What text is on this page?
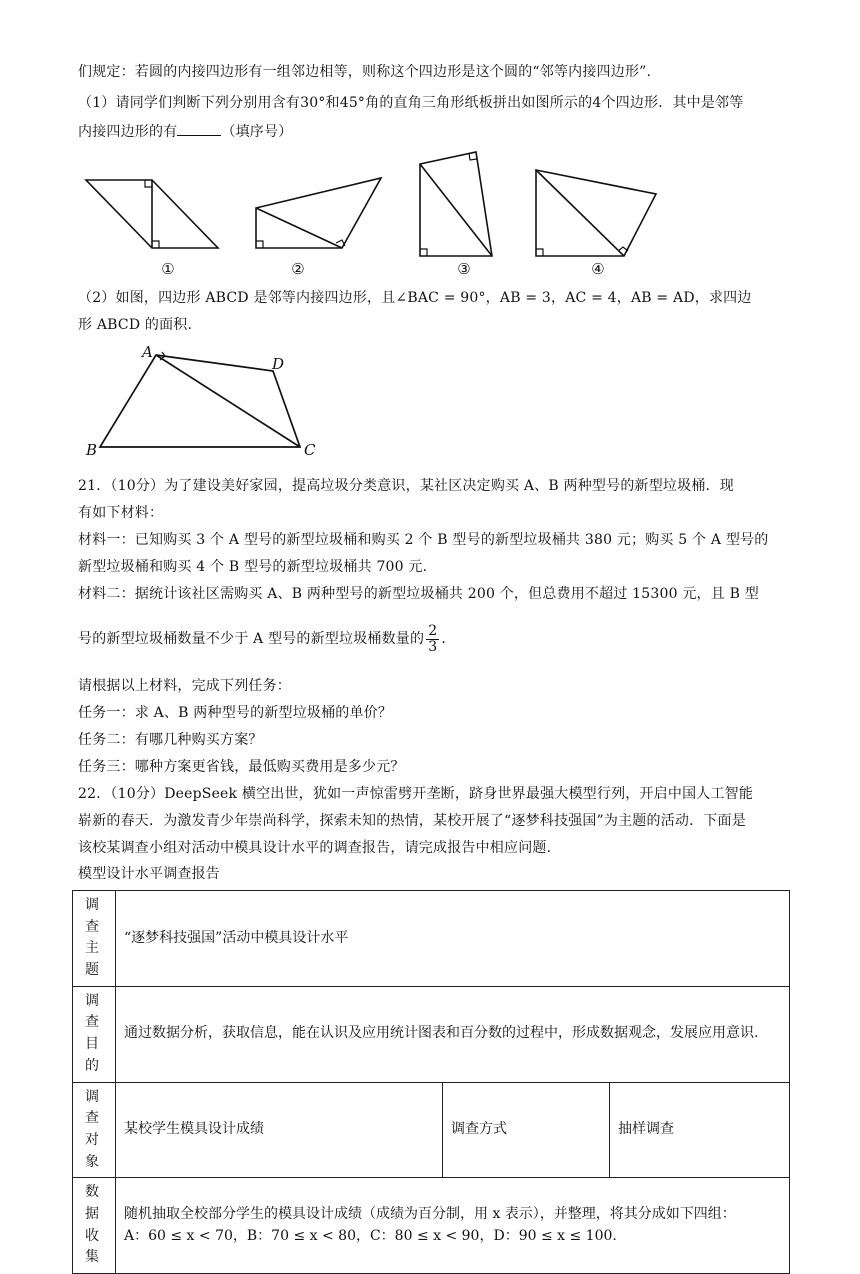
们规定：若圆的内接四边形有一组邻边相等，则称这个四边形是这个圆的“邻等内接四边形”.

（1）请同学们判断下列分别用含有30°和45°角的直角三角形纸板拼出如图所示的4个四边形．其中是邻等

内接四边形的有	（填序号）

①	②	③	④

（2）如图，四边形 ABCD 是邻等内接四边形，且∠BAC = 90°，AB = 3，AC = 4，AB = AD，求四边

形 ABCD 的面积.

A
B	C
D

21．（10分）为了建设美好家园，提高垃圾分类意识，某社区决定购买 A、B 两种型号的新型垃圾桶．现

有如下材料：

材料一：已知购买 3 个 A 型号的新型垃圾桶和购买 2 个 B 型号的新型垃圾桶共 380 元；购买 5 个 A 型号的

新型垃圾桶和购买 4 个 B 型号的新型垃圾桶共 700 元.

材料二：据统计该社区需购买 A、B 两种型号的新型垃圾桶共 200 个，但总费用不超过 15300 元，且 B 型

号的新型垃圾桶数量不少于 A 型号的新型垃圾桶数量的 $\frac{2}{3}$ .

请根据以上材料，完成下列任务：

任务一：求 A、B 两种型号的新型垃圾桶的单价？

任务二：有哪几种购买方案？

任务三：哪种方案更省钱，最低购买费用是多少元？

22．（10分）DeepSeek 横空出世，犹如一声惊雷劈开垄断，跻身世界最强大模型行列，开启中国人工智能

崭新的春天．为激发青少年崇尚科学，探索未知的热情，某校开展了“逐梦科技强国”为主题的活动．下面是

该校某调查小组对活动中模具设计水平的调查报告，请完成报告中相应问题.

模型设计水平调查报告

调查主题	“逐梦科技强国”活动中模具设计水平		
调查目的	通过数据分析，获取信息，能在认识及应用统计图表和百分数的过程中，形成数据观念，发展应用意识.		
调查对象	某校学生模具设计成绩	调查方式	抽样调查
数据收集	随机抽取全校部分学生的模具设计成绩（成绩为百分制，用 x 表示），并整理，将其分成如下四组：
A：60 ≤ x < 70，B：70 ≤ x < 80，C：80 ≤ x < 90，D：90 ≤ x ≤ 100.		
